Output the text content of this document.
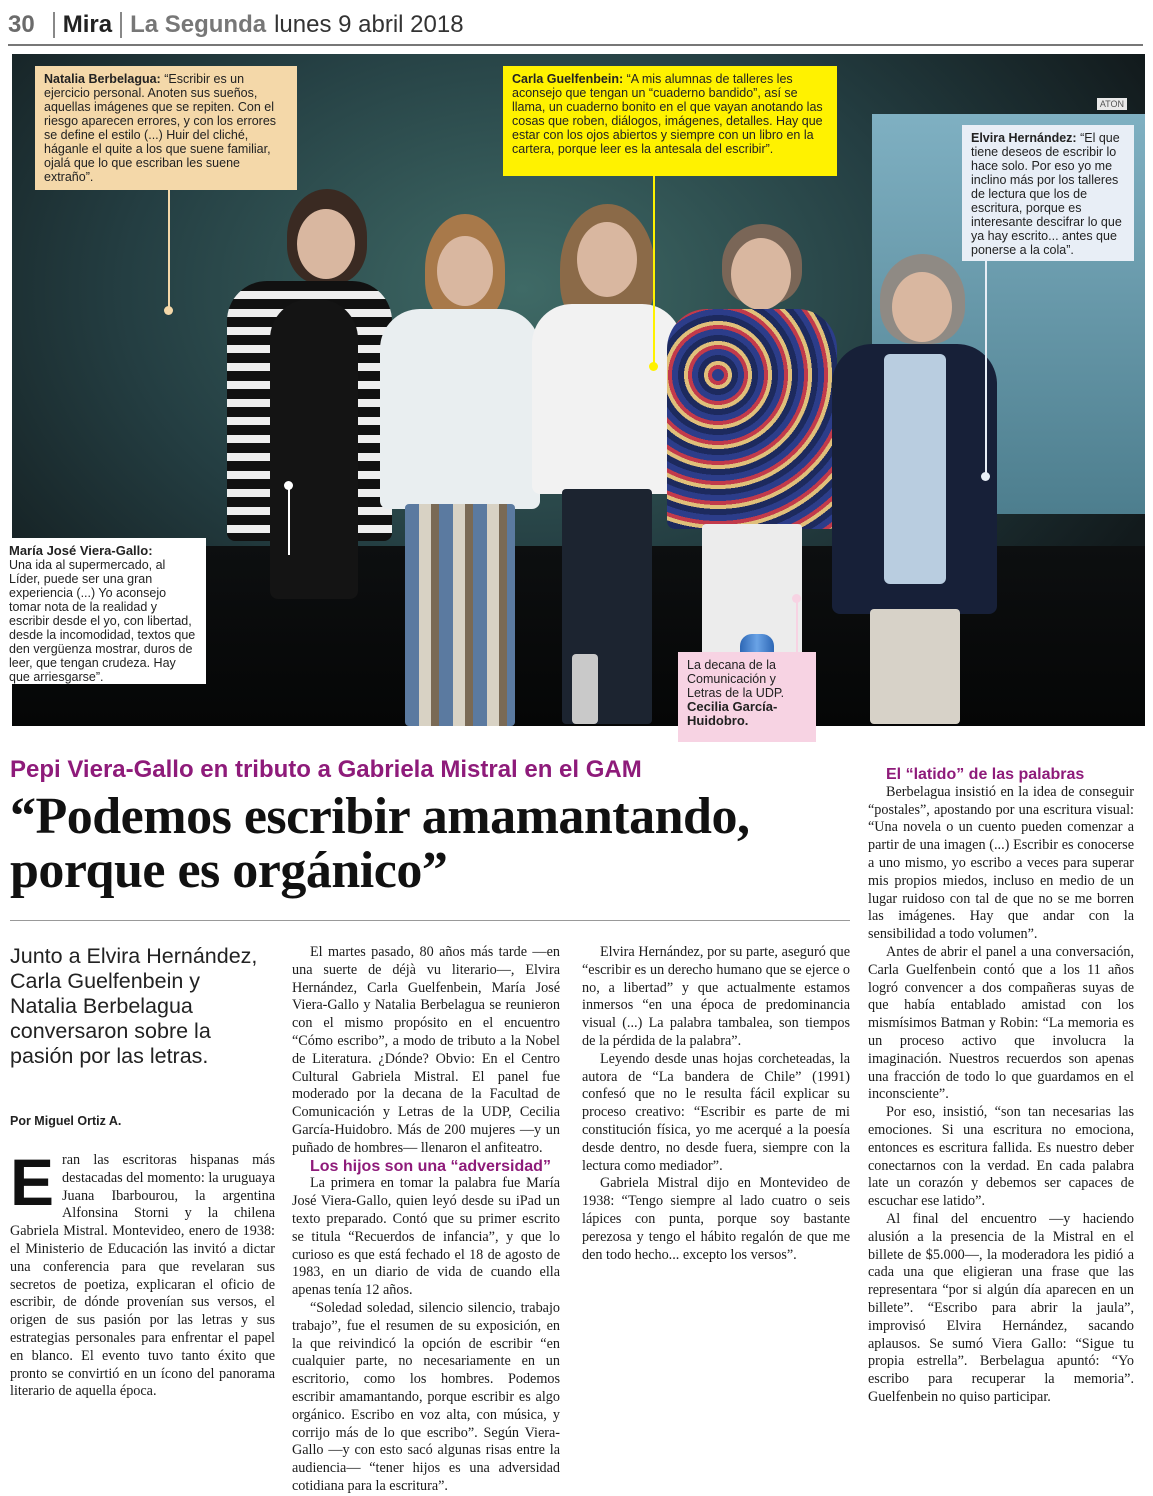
30 Mira La Segunda lunes 9 abril 2018
ATON
Natalia Berbelagua: “Escribir es un ejercicio personal. Anoten sus sueños, aquellas imágenes que se repiten. Con el riesgo aparecen errores, y con los errores se define el estilo (...) Huir del cliché, háganle el quite a los que suene familiar, ojalá que lo que escriban les suene extraño”.
Carla Guelfenbein: “A mis alumnas de talleres les aconsejo que tengan un “cuaderno bandido”, así se llama, un cuaderno bonito en el que vayan anotando las cosas que roben, diálogos, imágenes, detalles. Hay que estar con los ojos abiertos y siempre con un libro en la cartera, porque leer es la antesala del escribir”.
Elvira Hernández: “El que tiene deseos de escribir lo hace solo. Por eso yo me inclino más por los talleres de lectura que los de escritura, porque es interesante descifrar lo que ya hay escrito... antes que ponerse a la cola”.
María José Viera-Gallo:
Una ida al supermercado, al Líder, puede ser una gran experiencia (...) Yo aconsejo tomar nota de la realidad y escribir desde el yo, con libertad, desde la incomodidad, textos que den vergüenza mostrar, duros de leer, que tengan crudeza. Hay que arriesgarse”.
La decana de la Comunicación y Letras de la UDP.
Cecilia García-Huidobro.
Pepi Viera-Gallo en tributo a Gabriela Mistral en el GAM
“Podemos escribir amamantando, porque es orgánico”
Junto a Elvira Hernández, Carla Guelfenbein y Natalia Berbelagua conversaron sobre la pasión por las letras.
Por Miguel Ortiz A.

Eran las escritoras hispanas más destacadas del momento: la uruguaya Juana Ibarbourou, la argentina Alfonsina Storni y la chilena Gabriela Mistral. Montevideo, enero de 1938: el Ministerio de Educación las invitó a dictar una conferencia para que revelaran sus secretos de poetiza, explicaran el oficio de escribir, de dónde provenían sus versos, el origen de sus pasión por las letras y sus estrategias personales para enfrentar el papel en blanco. El evento tuvo tanto éxito que pronto se convirtió en un ícono del panorama literario de aquella época.

El martes pasado, 80 años más tarde —en una suerte de déjà vu literario—, Elvira Hernández, Carla Guelfenbein, María José Viera-Gallo y Natalia Berbelagua se reunieron con el mismo propósito en el encuentro “Cómo escribo”, a modo de tributo a la Nobel de Literatura. ¿Dónde? Obvio: En el Centro Cultural Gabriela Mistral. El panel fue moderado por la decana de la Facultad de Comunicación y Letras de la UDP, Cecilia García-Huidobro. Más de 200 mujeres —y un puñado de hombres— llenaron el anfiteatro.

Los hijos son una “adversidad”

La primera en tomar la palabra fue María José Viera-Gallo, quien leyó desde su iPad un texto preparado. Contó que su primer escrito se titula “Recuerdos de infancia”, y que lo curioso es que está fechado el 18 de agosto de 1983, en un diario de vida de cuando ella apenas tenía 12 años.

“Soledad soledad, silencio silencio, trabajo trabajo”, fue el resumen de su exposición, en la que reivindicó la opción de escribir “en cualquier parte, no necesariamente en un escritorio, como los hombres. Podemos escribir amamantando, porque escribir es algo orgánico. Escribo en voz alta, con música, y corrijo más de lo que escribo”. Según Viera-Gallo —y con esto sacó algunas risas entre la audiencia— “tener hijos es una adversidad cotidiana para la escritura”.

Elvira Hernández, por su parte, aseguró que “escribir es un derecho humano que se ejerce o no, a libertad” y que actualmente estamos inmersos “en una época de predominancia visual (...) La palabra tambalea, son tiempos de la pérdida de la palabra”.

Leyendo desde unas hojas corcheteadas, la autora de “La bandera de Chile” (1991) confesó que no le resulta fácil explicar su proceso creativo: “Escribir es parte de mi constitución física, yo me acerqué a la poesía desde dentro, no desde fuera, siempre con la lectura como mediador”.

Gabriela Mistral dijo en Montevideo de 1938: “Tengo siempre al lado cuatro o seis lápices con punta, porque soy bastante perezosa y tengo el hábito regalón de que me den todo hecho... excepto los versos”.

El “latido” de las palabras

Berbelagua insistió en la idea de conseguir “postales”, apostando por una escritura visual: “Una novela o un cuento pueden comenzar a partir de una imagen (...) Escribir es conocerse a uno mismo, yo escribo a veces para superar mis propios miedos, incluso en medio de un lugar ruidoso con tal de que no se me borren las imágenes. Hay que andar con la sensibilidad a todo volumen”.

Antes de abrir el panel a una conversación, Carla Guelfenbein contó que a los 11 años logró convencer a dos compañeras suyas de que había entablado amistad con los mismísimos Batman y Robin: “La memoria es un proceso activo que involucra la imaginación. Nuestros recuerdos son apenas una fracción de todo lo que guardamos en el inconsciente”.

Por eso, insistió, “son tan necesarias las emociones. Si una escritura no emociona, entonces es escritura fallida. Es nuestro deber conectarnos con la verdad. En cada palabra late un corazón y debemos ser capaces de escuchar ese latido”.

Al final del encuentro —y haciendo alusión a la presencia de la Mistral en el billete de $5.000—, la moderadora les pidió a cada una que eligieran una frase que las representara “por si algún día aparecen en un billete”. “Escribo para abrir la jaula”, improvisó Elvira Hernández, sacando aplausos. Se sumó Viera Gallo: “Sigue tu propia estrella”. Berbelagua apuntó: “Yo escribo para recuperar la memoria”. Guelfenbein no quiso participar.
